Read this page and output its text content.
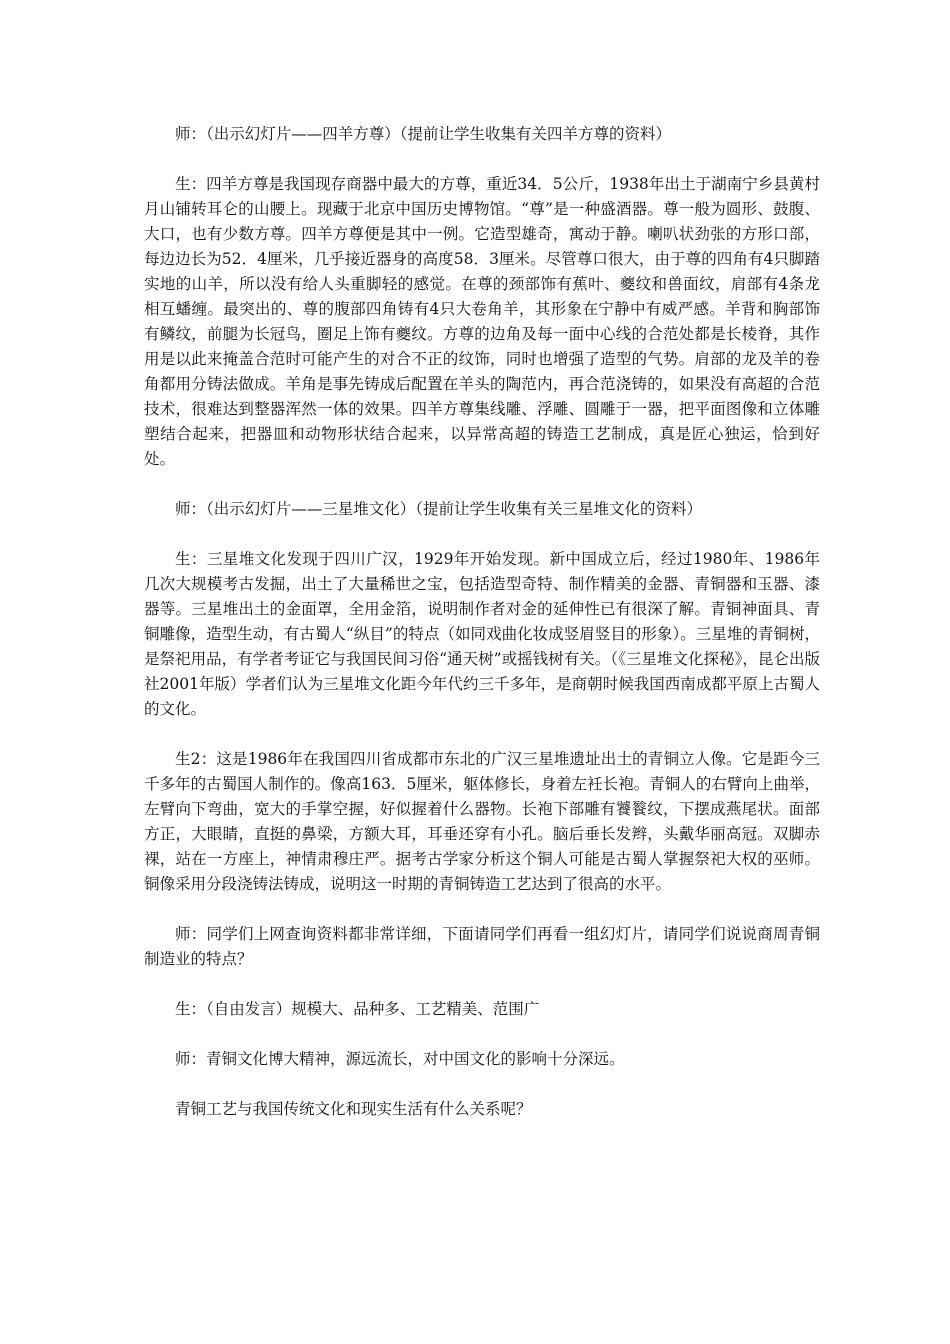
师：（出示幻灯片——四羊方尊）（提前让学生收集有关四羊方尊的资料）

生：四羊方尊是我国现存商器中最大的方尊，重近34．5公斤，1938年出土于湖南宁乡县黄村月山铺转耳仑的山腰上。现藏于北京中国历史博物馆。“尊”是一种盛酒器。尊一般为圆形、鼓腹、大口，也有少数方尊。四羊方尊便是其中一例。它造型雄奇，寓动于静。喇叭状劲张的方形口部，每边边长为52．4厘米，几乎接近器身的高度58．3厘米。尽管尊口很大，由于尊的四角有4只脚踏实地的山羊，所以没有给人头重脚轻的感觉。在尊的颈部饰有蕉叶、夔纹和兽面纹，肩部有4条龙相互蟠缠。最突出的、尊的腹部四角铸有4只大卷角羊，其形象在宁静中有威严感。羊背和胸部饰有鳞纹，前腿为长冠鸟，圈足上饰有夔纹。方尊的边角及每一面中心线的合范处都是长棱脊，其作用是以此来掩盖合范时可能产生的对合不正的纹饰，同时也增强了造型的气势。肩部的龙及羊的卷角都用分铸法做成。羊角是事先铸成后配置在羊头的陶范内，再合范浇铸的，如果没有高超的合范技术，很难达到整器浑然一体的效果。四羊方尊集线雕、浮雕、圆雕于一器，把平面图像和立体雕塑结合起来，把器皿和动物形状结合起来，以异常高超的铸造工艺制成，真是匠心独运，恰到好处。

师：（出示幻灯片——三星堆文化）（提前让学生收集有关三星堆文化的资料）

生：三星堆文化发现于四川广汉，1929年开始发现。新中国成立后，经过1980年、1986年几次大规模考古发掘，出土了大量稀世之宝，包括造型奇特、制作精美的金器、青铜器和玉器、漆器等。三星堆出土的金面罩，全用金箔，说明制作者对金的延伸性已有很深了解。青铜神面具、青铜雕像，造型生动，有古蜀人“纵目”的特点（如同戏曲化妆成竖眉竖目的形象）。三星堆的青铜树，是祭祀用品，有学者考证它与我国民间习俗“通天树”或摇钱树有关。（《三星堆文化探秘》，昆仑出版社2001年版）学者们认为三星堆文化距今年代约三千多年，是商朝时候我国西南成都平原上古蜀人的文化。

生2：这是1986年在我国四川省成都市东北的广汉三星堆遗址出土的青铜立人像。它是距今三千多年的古蜀国人制作的。像高163．5厘米，躯体修长，身着左衽长袍。青铜人的右臂向上曲举，左臂向下弯曲，宽大的手掌空握，好似握着什么器物。长袍下部雕有饕餮纹，下摆成燕尾状。面部方正，大眼睛，直挺的鼻梁，方额大耳，耳垂还穿有小孔。脑后垂长发辫，头戴华丽高冠。双脚赤裸，站在一方座上，神情肃穆庄严。据考古学家分析这个铜人可能是古蜀人掌握祭祀大权的巫师。铜像采用分段浇铸法铸成，说明这一时期的青铜铸造工艺达到了很高的水平。

师：同学们上网查询资料都非常详细，下面请同学们再看一组幻灯片，请同学们说说商周青铜制造业的特点？

生：（自由发言）规模大、品种多、工艺精美、范围广

师：青铜文化博大精神，源远流长，对中国文化的影响十分深远。

青铜工艺与我国传统文化和现实生活有什么关系呢？
